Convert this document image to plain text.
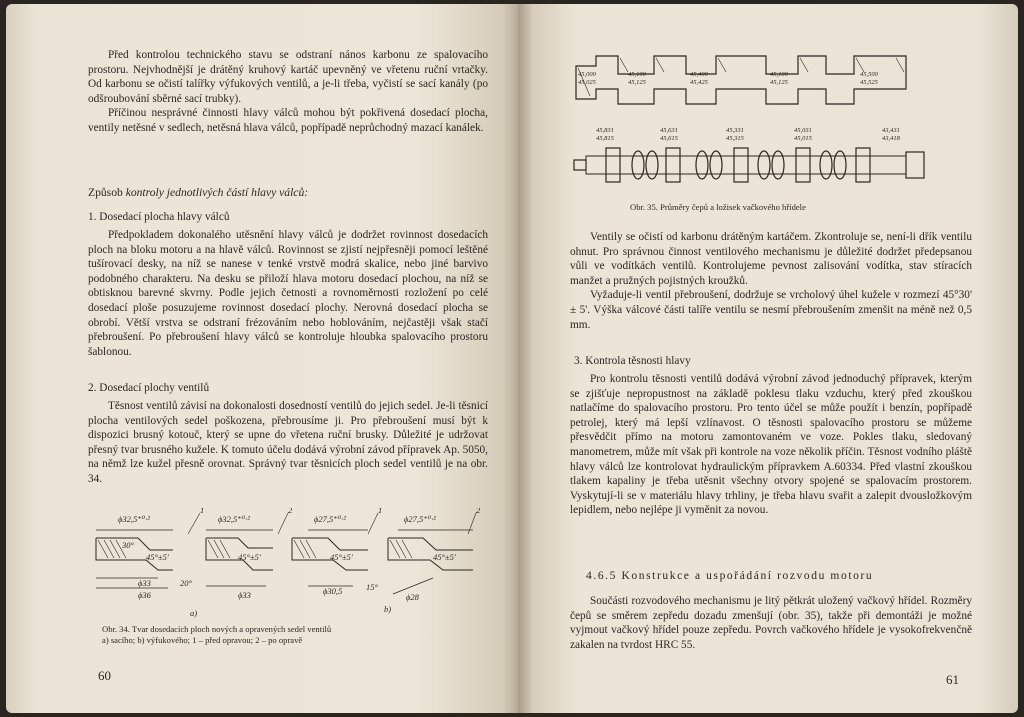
Před kontrolou technického stavu se odstraní nános karbonu ze spalovacího prostoru. Nejvhodnější je drátěný kruhový kartáč upevněný ve vřetenu ruční vrtačky. Od karbonu se očistí talířky výfukových ventilů, a je-li třeba, vyčistí se sací kanály (po odšroubování sběrné sací trubky).

Příčinou nesprávné činnosti hlavy válců mohou být pokřivená dosedací plocha, ventily netěsné v sedlech, netěsná hlava válců, popřípadě neprůchodný mazací kanálek.

Způsob kontroly jednotlivých částí hlavy válců:
1. Dosedací plocha hlavy válců
Předpokladem dokonalého utěsnění hlavy válců je dodržet rovinnost dosedacích ploch na bloku motoru a na hlavě válců. Rovinnost se zjistí nejpřesněji pomocí leštěné tušírovací desky, na níž se nanese v tenké vrstvě modrá skalice, nebo jiné barvivo podobného charakteru. Na desku se přiloží hlava motoru dosedací plochou, na níž se obtisknou barevné skvrny. Podle jejich četnosti a rovnoměrnosti rozložení po celé dosedací ploše posuzujeme rovinnost dosedací plochy. Nerovná dosedací plocha se obrobí. Větší vrstva se odstraní frézováním nebo hoblováním, nejčastěji však stačí přebroušení. Po přebroušení hlavy válců se kontroluje hloubka spalovacího prostoru šablonou.
2. Dosedací plochy ventilů
Těsnost ventilů závisí na dokonalosti dosedností ventilů do jejich sedel. Je-li těsnicí plocha ventilových sedel poškozena, přebrousíme ji. Pro přebroušení musí být k dispozici brusný kotouč, který se upne do vřetena ruční brusky. Důležité je udržovat přesný tvar brusného kužele. K tomuto účelu dodává výrobní závod přípravek Ap. 5050, na němž lze kužel přesně orovnat. Správný tvar těsnicích ploch sedel ventilů je na obr. 34.
ϕ32,5⁺⁰·²	ϕ32,5⁺⁰·²	ϕ27,5⁺⁰·²	ϕ27,5⁺⁰·²
1	2	1	2
30°
45°±5'	45°±5'	45°±5'	45°±5'
20°	15°
ϕ33
ϕ36	ϕ33	ϕ30,5
ϕ28
a)	b)
Obr. 34. Tvar dosedacích ploch nových a opravených sedel ventilů
a) sacího; b) výfukového; 1 – před opravou; 2 – po opravě
60
45,000
45,025
45,100
45,125
45,400
45,425
45,100
45,125
45,500
45,525
45,831
45,815
45,631
45,615
45,331
45,315
45,031
45,015
43,431
43,418
Obr. 35. Průměry čepů a ložisek vačkového hřídele

Ventily se očistí od karbonu drátěným kartáčem. Zkontroluje se, není-li dřík ventilu ohnut. Pro správnou činnost ventilového mechanismu je důležité dodržet předepsanou vůli ve vodítkách ventilů. Kontrolujeme pevnost zalisování vodítka, stav stíracích manžet a pružných pojistných kroužků.

Vyžaduje-li ventil přebroušení, dodržuje se vrcholový úhel kužele v rozmezí 45°30' ± 5'. Výška válcové části talíře ventilu se nesmí přebroušením zmenšit na méně než 0,5 mm.

3. Kontrola těsnosti hlavy
Pro kontrolu těsnosti ventilů dodává výrobní závod jednoduchý přípravek, kterým se zjišťuje nepropustnost na základě poklesu tlaku vzduchu, který před zkouškou natlačíme do spalovacího prostoru. Pro tento účel se může použít i benzín, popřípadě petrolej, který má lepší vzlínavost. O těsnosti spalovacího prostoru se můžeme přesvědčit přímo na motoru zamontovaném ve voze. Pokles tlaku, sledovaný manometrem, může mít však při kontrole na voze několik příčin. Těsnost vodního pláště hlavy válců lze kontrolovat hydraulickým přípravkem A.60334. Před vlastní zkouškou tlakem kapaliny je třeba utěsnit všechny otvory spojené se spalovacím prostorem. Vyskytují-li se v materiálu hlavy trhliny, je třeba hlavu svařit a zalepit dvousložkovým lepidlem, nebo nejlépe ji vyměnit za novou.
4.6.5 Konstrukce a uspořádání rozvodu motoru
Součásti rozvodového mechanismu je litý pětkrát uložený vačkový hřídel. Rozměry čepů se směrem zepředu dozadu zmenšují (obr. 35), takže při demontáži je možné vyjmout vačkový hřídel pouze zepředu. Povrch vačkového hřídele je vysokofrekvenčně zakalen na tvrdost HRC 55.
61
